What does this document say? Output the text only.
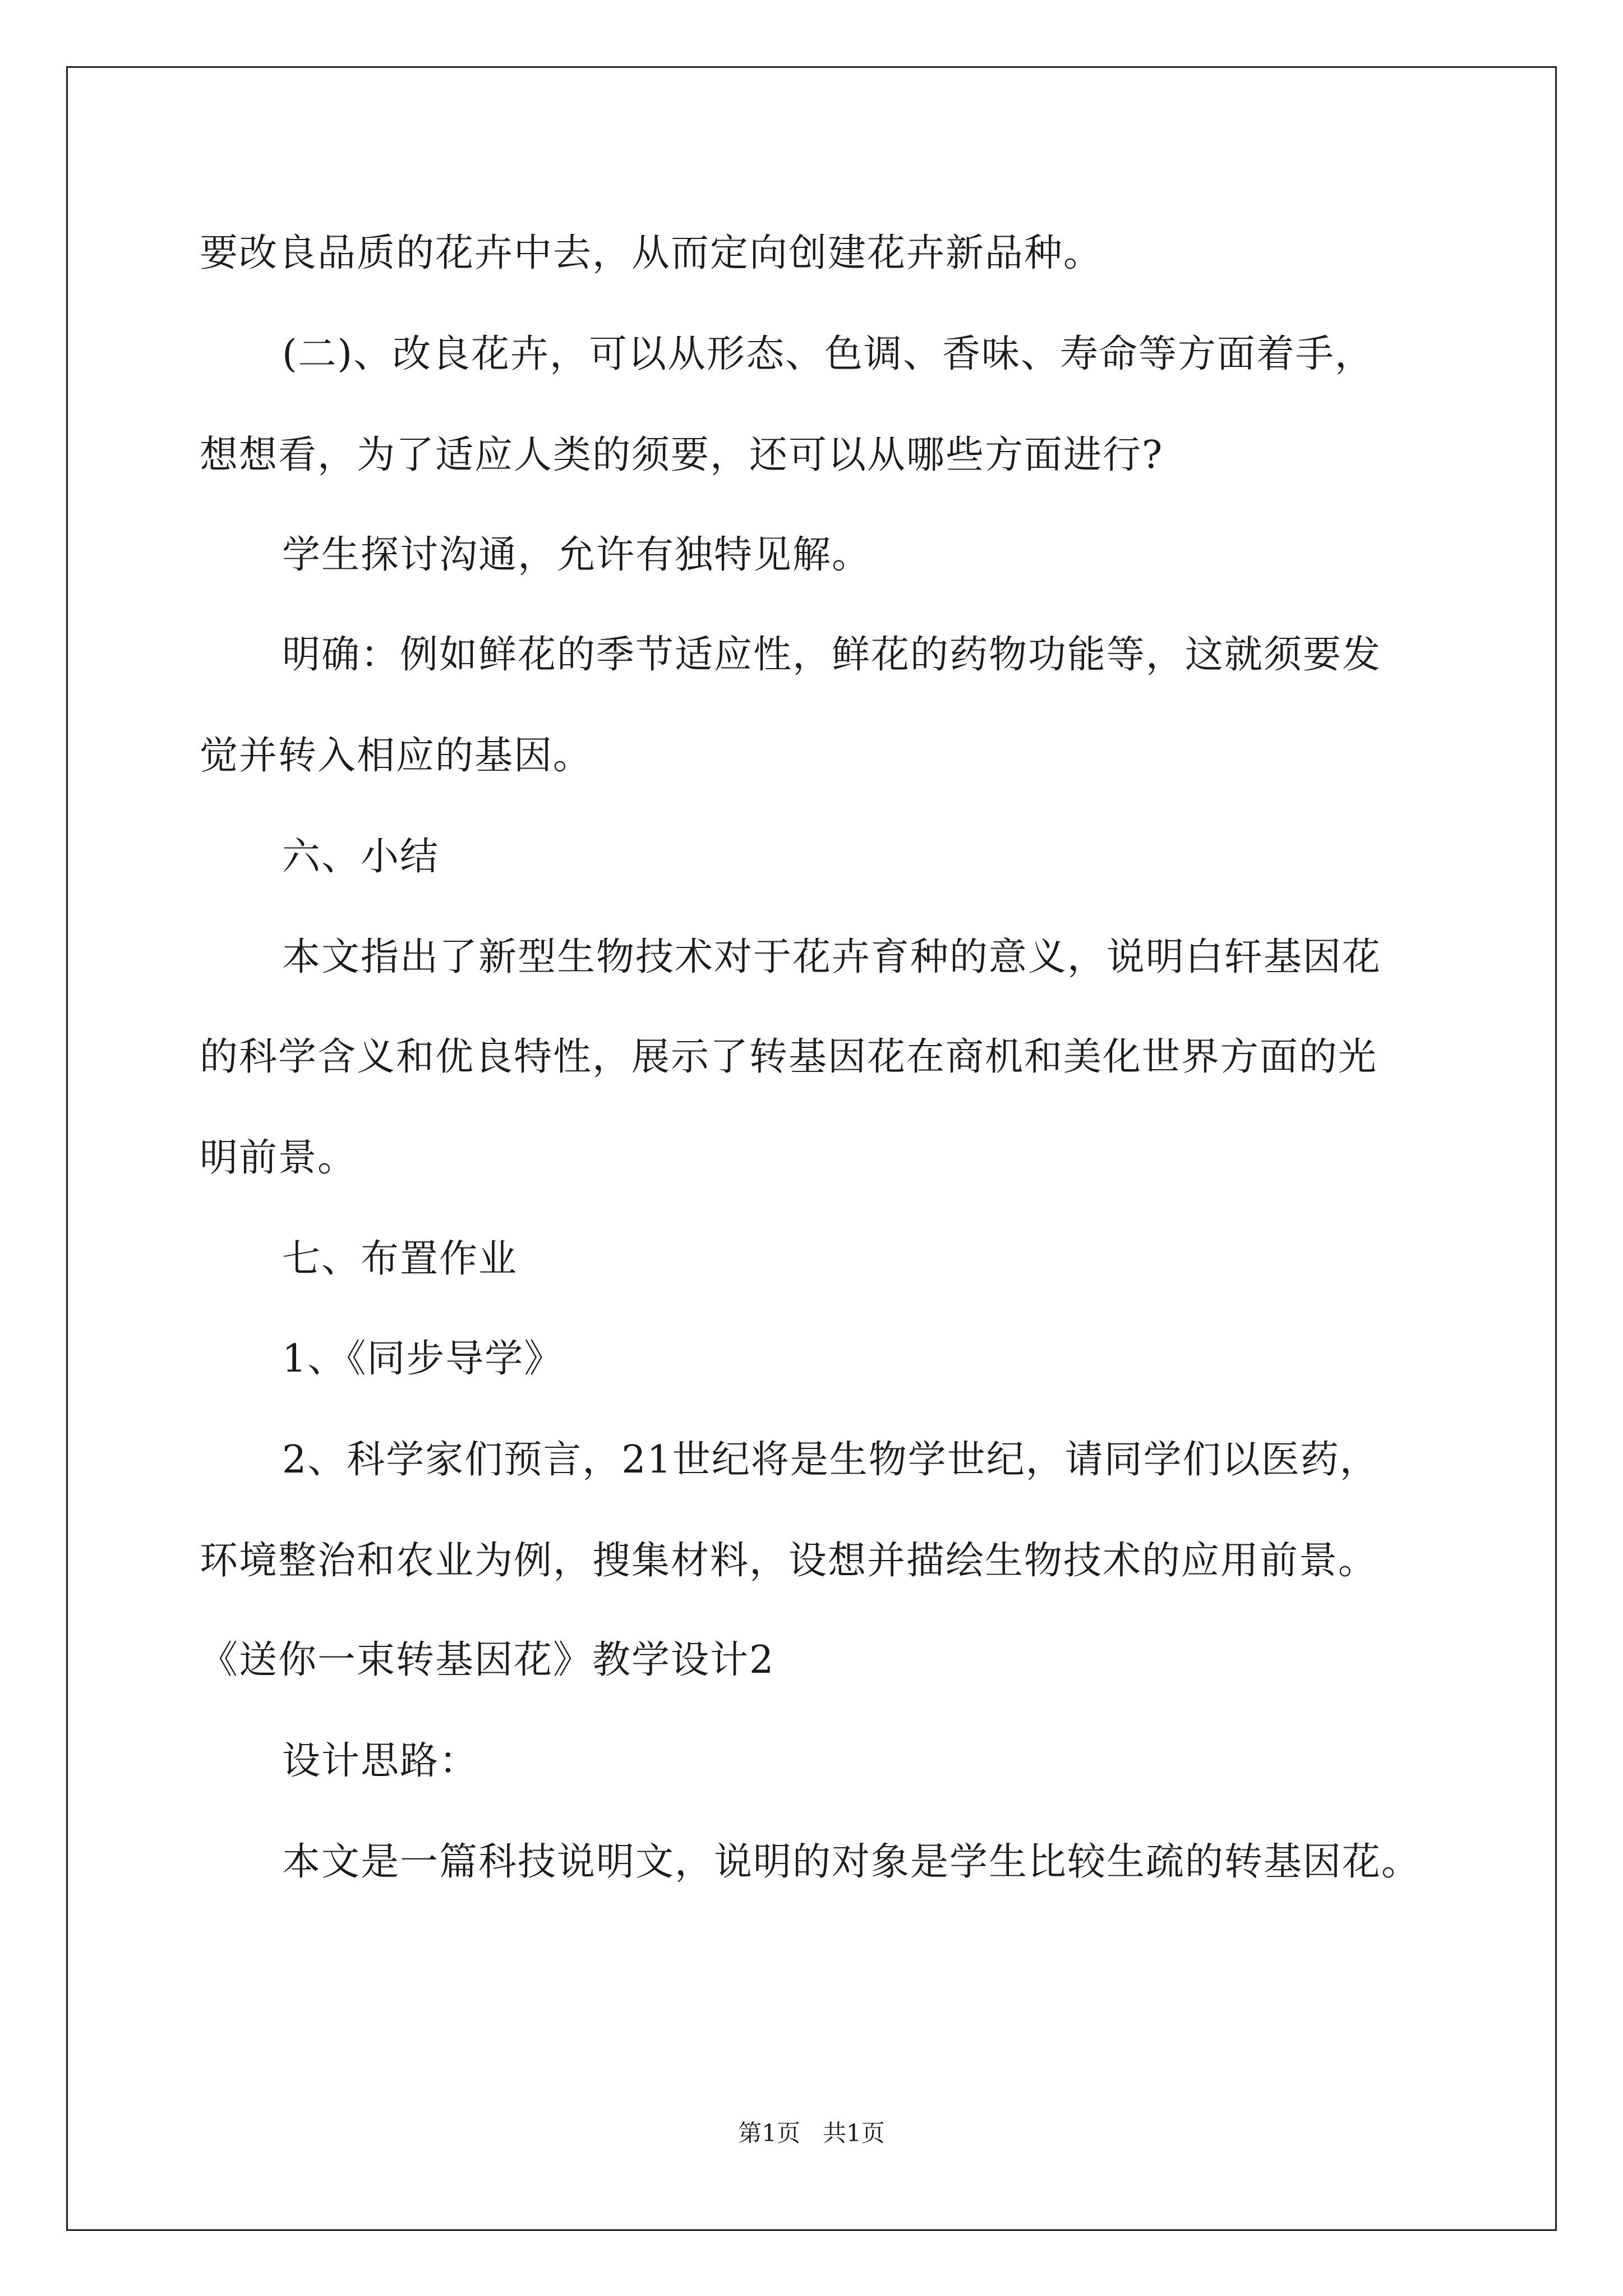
要改良品质的花卉中去，从而定向创建花卉新品种。
(二)、改良花卉，可以从形态、色调、香味、寿命等方面着手，
想想看，为了适应人类的须要，还可以从哪些方面进行?
学生探讨沟通，允许有独特见解。
明确：例如鲜花的季节适应性，鲜花的药物功能等，这就须要发
觉并转入相应的基因。
六、小结
本文指出了新型生物技术对于花卉育种的意义，说明白轩基因花
的科学含义和优良特性，展示了转基因花在商机和美化世界方面的光
明前景。
七、布置作业
1、《同步导学》
2、科学家们预言，21世纪将是生物学世纪，请同学们以医药，
环境整治和农业为例，搜集材料，设想并描绘生物技术的应用前景。
《送你一束转基因花》教学设计2
设计思路：
本文是一篇科技说明文，说明的对象是学生比较生疏的转基因花。
第1页   共1页
